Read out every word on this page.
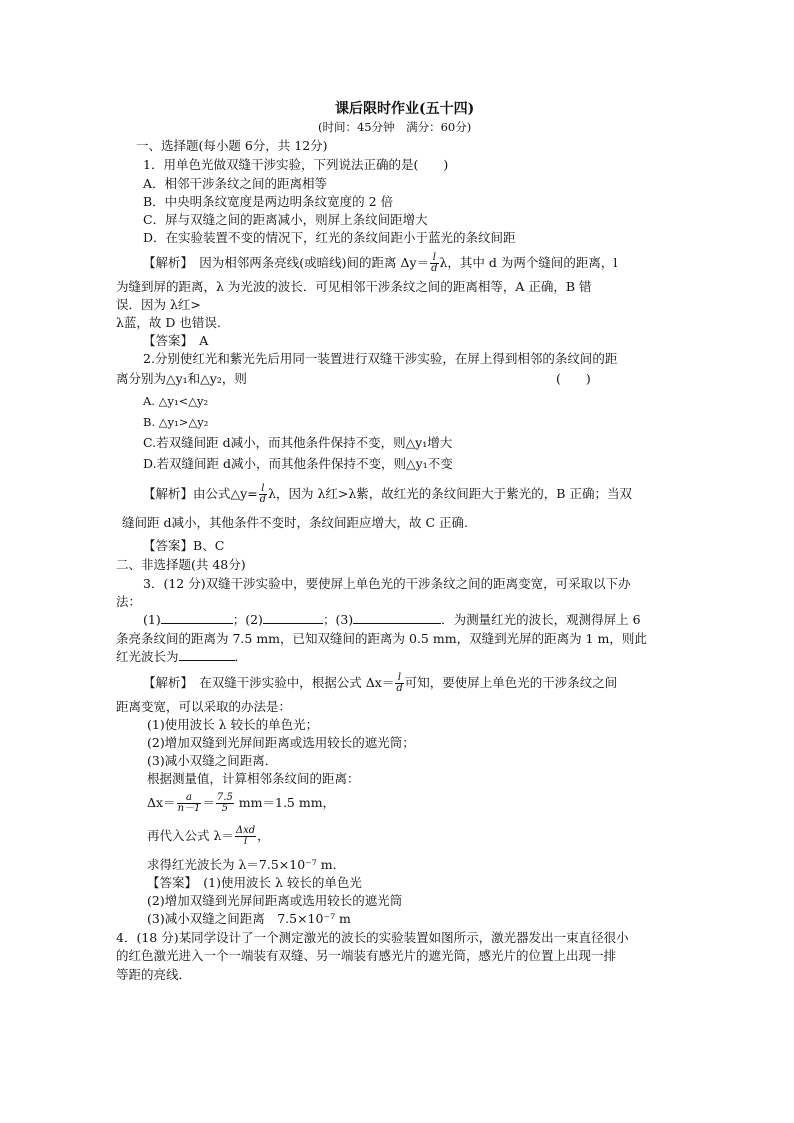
课后限时作业(五十四)
(时间：45分钟　满分：60分)
一、选择题(每小题 6分，共 12分)
1．用单色光做双缝干涉实验，下列说法正确的是(　　)
A．相邻干涉条纹之间的距离相等
B．中央明条纹宽度是两边明条纹宽度的 2 倍
C．屏与双缝之间的距离减小，则屏上条纹间距增大
D．在实验装置不变的情况下，红光的条纹间距小于蓝光的条纹间距
【解析】　因为相邻两条亮线(或暗线)间的距离 $\Delta y= \frac{l}{d}$ λ，其中 d 为两个缝间的距离，l
为缝到屏的距离，λ 为光波的波长．可见相邻干涉条纹之间的距离相等，A 正确，B 错
误．因为 λ红>
λ蓝，故 D 也错误.
【答案】　A
2.分别使红光和紫光先后用同一装置进行双缝干涉实验，在屏上得到相邻的条纹间的距
离分别为△y₁和△y₂，则	(　　)
A. △y₁<△y₂
B. △y₁>△y₂
C.若双缝间距 d减小，而其他条件保持不变，则△y₁增大
D.若双缝间距 d减小，而其他条件保持不变，则△y₁不变
【解析】由公式△y= $\frac{l}{d}$ λ，因为 λ红>λ紫，故红光的条纹间距大于紫光的，B 正确；当双
缝间距 d减小，其他条件不变时，条纹间距应增大，故 C 正确.
【答案】B、C
二、非选择题(共 48分)
3．(12 分)双缝干涉实验中，要使屏上单色光的干涉条纹之间的距离变宽，可采取以下办
法：
(1)	；(2)	；(3)	．为测量红光的波长，观测得屏上 6
条亮条纹间的距离为 7.5 mm，已知双缝间的距离为 0.5 mm，双缝到光屏的距离为 1 m，则此
红光波长为	．
【解析】　在双缝干涉实验中，根据公式 $\Delta x= \frac{l}{d}$ 可知，要使屏上单色光的干涉条纹之间
距离变宽，可以采取的办法是：
(1)使用波长 λ 较长的单色光；
(2)增加双缝到光屏间距离或选用较长的遮光筒；
(3)减小双缝之间距离．
根据测量值，计算相邻条纹间的距离：
$\Delta x= \frac{a}{n-1} = \frac{7.5}{5} mm=1.5$ mm，
再代入公式 $\lambda= \frac{\text{Δxd}}{l}$ ，
求得红光波长为 λ＝7.5×10⁻⁷ m.
【答案】　(1)使用波长 λ 较长的单色光
(2)增加双缝到光屏间距离或选用较长的遮光筒
(3)减小双缝之间距离　7.5×10⁻⁷ m
4．(18 分)某同学设计了一个测定激光的波长的实验装置如图所示，激光器发出一束直径很小
的红色激光进入一个一端装有双缝、另一端装有感光片的遮光筒，感光片的位置上出现一排
等距的亮线．
